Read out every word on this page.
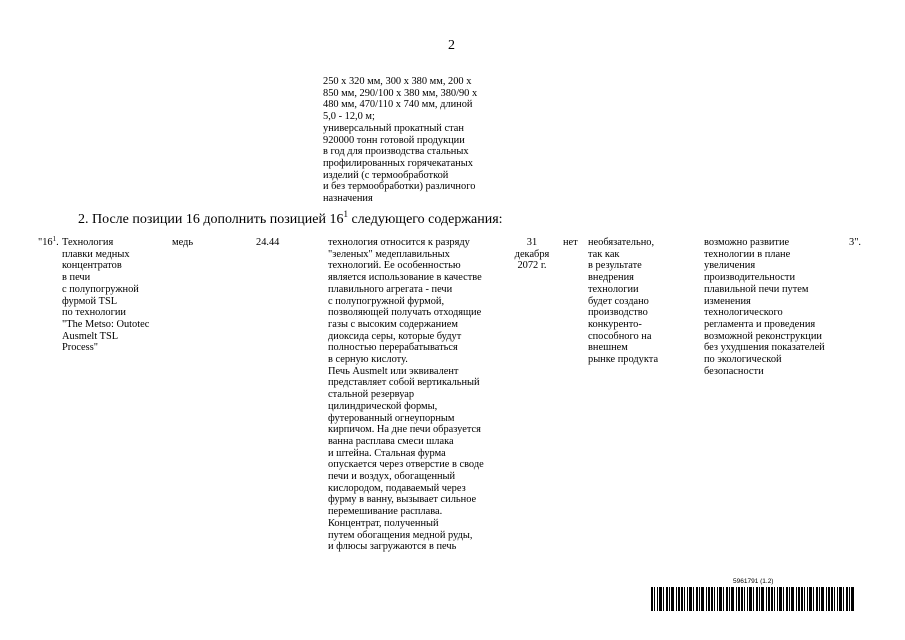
2
250 х 320 мм, 300 х 380 мм, 200 х
850 мм, 290/100 х 380 мм, 380/90 х
480 мм, 470/110 х 740 мм, длиной
5,0 - 12,0 м;
универсальный прокатный стан
920000 тонн готовой продукции
в год для производства стальных
профилированных горячекатаных
изделий (с термообработкой
и без термообработки) различного
назначения
2. После позиции 16 дополнить позицией $16^1$ следующего содержания:
"$16^1$. Технология
плавки медных
концентратов
в печи
с полупогружной
фурмой TSL
по технологии
"The Metso: Outotec
Ausmelt TSL
Process"
медь	24.44	технология относится к разряду
"зеленых" медеплавильных
технологий. Ее особенностью
является использование в качестве
плавильного агрегата - печи
с полупогружной фурмой,
позволяющей получать отходящие
газы с высоким содержанием
диоксида серы, которые будут
полностью перерабатываться
в серную кислоту.
Печь Ausmelt или эквивалент
представляет собой вертикальный
стальной резервуар
цилиндрической формы,
футерованный огнеупорным
кирпичом. На дне печи образуется
ванна расплава смеси шлака
и штейна. Стальная фурма
опускается через отверстие в своде
печи и воздух, обогащенный
кислородом, подаваемый через
фурму в ванну, вызывает сильное
перемешивание расплава.
Концентрат, полученный
путем обогащения медной руды,
и флюсы загружаются в печь
31
декабря
2072 г.
нет необязательно,
так как
в результате
внедрения
технологии
будет создано
производство
конкуренто-
способного на
внешнем
рынке продукта
возможно развитие
технологии в плане
увеличения
производительности
плавильной печи путем
изменения
технологического
регламента и проведения
возможной реконструкции
без ухудшения показателей
по экологической
безопасности
3".
5961791 (1.2)
